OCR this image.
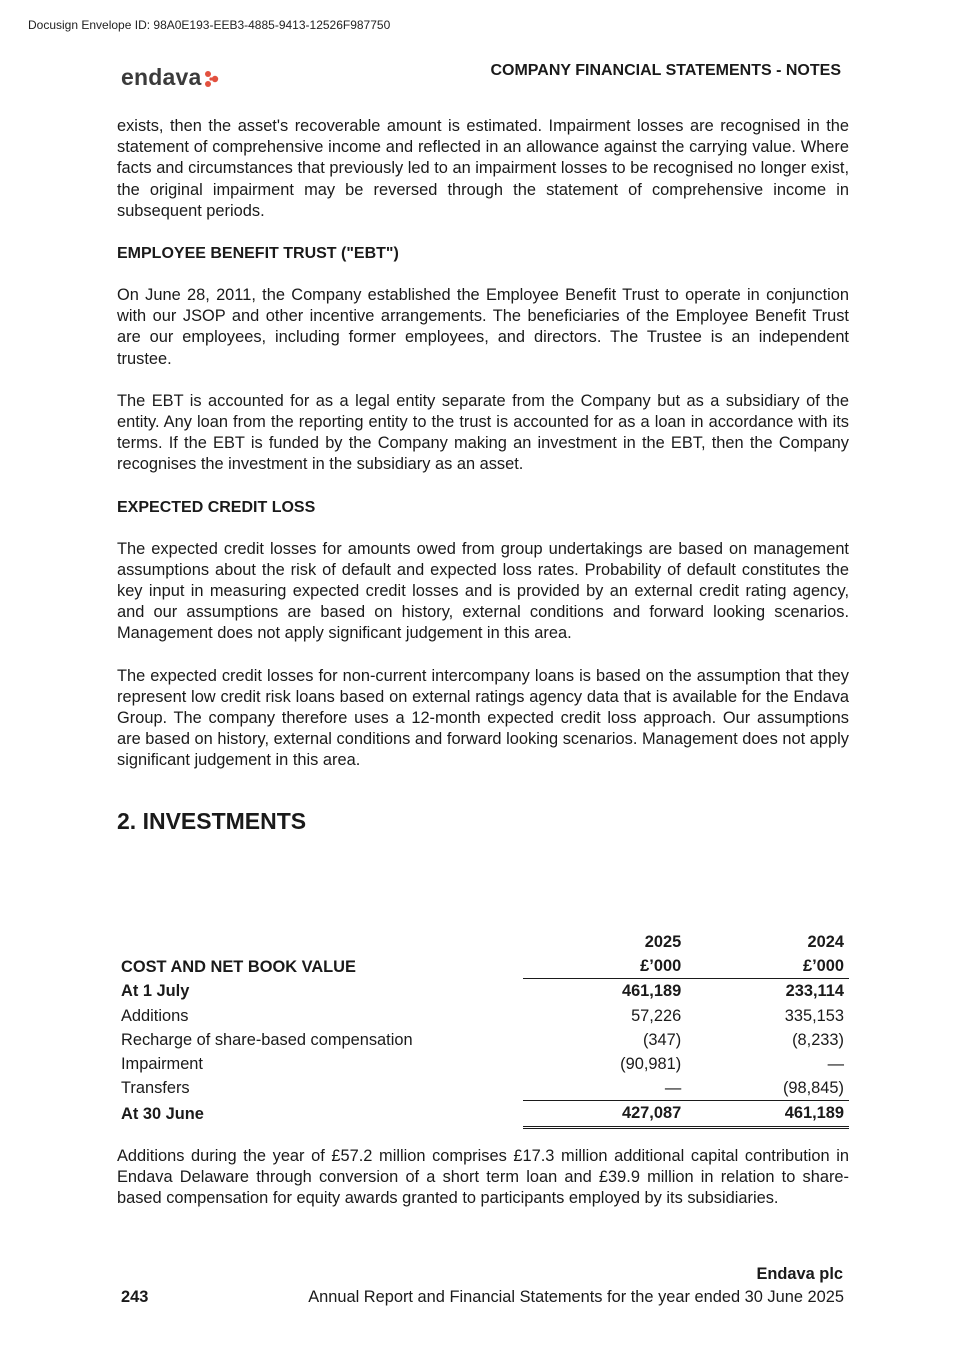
Docusign Envelope ID: 98A0E193-EEB3-4885-9413-12526F987750
endava	COMPANY FINANCIAL STATEMENTS - NOTES

exists, then the asset's recoverable amount is estimated. Impairment losses are recognised in the statement of comprehensive income and reflected in an allowance against the carrying value. Where facts and circumstances that previously led to an impairment losses to be recognised no longer exist, the original impairment may be reversed through the statement of comprehensive income in subsequent periods.

EMPLOYEE BENEFIT TRUST ("EBT")

On June 28, 2011, the Company established the Employee Benefit Trust to operate in conjunction with our JSOP and other incentive arrangements. The beneficiaries of the Employee Benefit Trust are our employees, including former employees, and directors. The Trustee is an independent trustee.

The EBT is accounted for as a legal entity separate from the Company but as a subsidiary of the entity. Any loan from the reporting entity to the trust is accounted for as a loan in accordance with its terms. If the EBT is funded by the Company making an investment in the EBT, then the Company recognises the investment in the subsidiary as an asset.

EXPECTED CREDIT LOSS

The expected credit losses for amounts owed from group undertakings are based on management assumptions about the risk of default and expected loss rates. Probability of default constitutes the key input in measuring expected credit losses and is provided by an external credit rating agency, and our assumptions are based on history, external conditions and forward looking scenarios. Management does not apply significant judgement in this area.

The expected credit losses for non-current intercompany loans is based on the assumption that they represent low credit risk loans based on external ratings agency data that is available for the Endava Group. The company therefore uses a 12-month expected credit loss approach. Our assumptions are based on history, external conditions and forward looking scenarios. Management does not apply significant judgement in this area.

2. INVESTMENTS
	2025	2024
COST AND NET BOOK VALUE	£’000	£’000
At 1 July	461,189	233,114
Additions	57,226	335,153
Recharge of share-based compensation	(347)	(8,233)
Impairment	(90,981)	—
Transfers	—	(98,845)
At 30 June	427,087	461,189

Additions during the year of £57.2 million comprises £17.3 million additional capital contribution in Endava Delaware through conversion of a short term loan and £39.9 million in relation to share-based compensation for equity awards granted to participants employed by its subsidiaries.

Endava plc
243	Annual Report and Financial Statements for the year ended 30 June 2025
